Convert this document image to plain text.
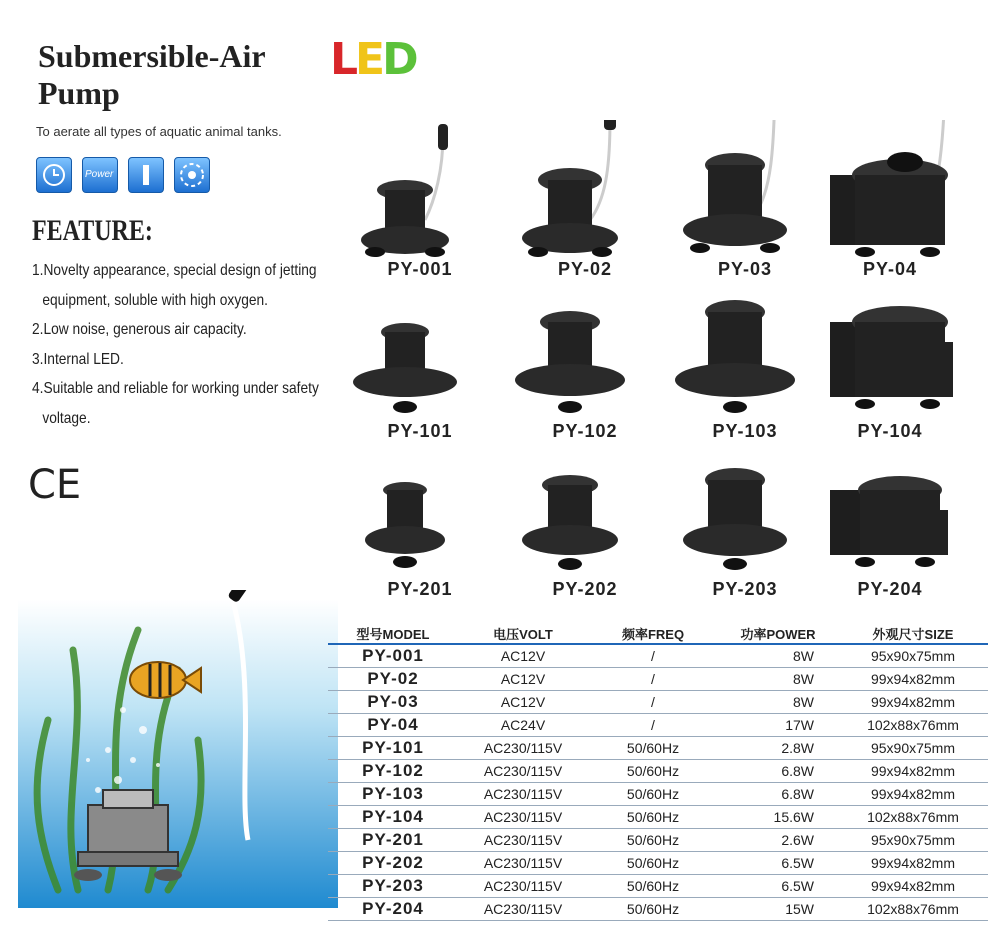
Submersible-Air
Pump
LED
To aerate all types of aquatic animal tanks.
Power
FEATURE:
1.Novelty appearance, special design of jetting
equipment, soluble with high oxygen.
2.Low noise, generous air capacity.
3.Internal LED.
4.Suitable and reliable for working under safety
voltage.
CE
PY-001	PY-02	PY-03	PY-04
PY-101	PY-102	PY-103	PY-104
PY-201	PY-202	PY-203	PY-204
型号MODEL	电压VOLT	频率FREQ	功率POWER	外观尺寸SIZE
PY-001	AC12V	/	8W	95x90x75mm
PY-02	AC12V	/	8W	99x94x82mm
PY-03	AC12V	/	8W	99x94x82mm
PY-04	AC24V	/	17W	102x88x76mm
PY-101	AC230/115V	50/60Hz	2.8W	95x90x75mm
PY-102	AC230/115V	50/60Hz	6.8W	99x94x82mm
PY-103	AC230/115V	50/60Hz	6.8W	99x94x82mm
PY-104	AC230/115V	50/60Hz	15.6W	102x88x76mm
PY-201	AC230/115V	50/60Hz	2.6W	95x90x75mm
PY-202	AC230/115V	50/60Hz	6.5W	99x94x82mm
PY-203	AC230/115V	50/60Hz	6.5W	99x94x82mm
PY-204	AC230/115V	50/60Hz	15W	102x88x76mm
